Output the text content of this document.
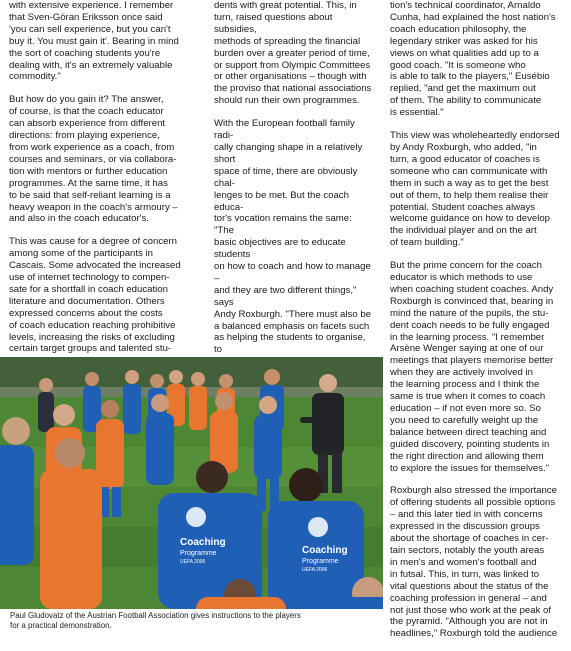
with extensive experience. I remember
that Sven-Göran Eriksson once said
'you can sell experience, but you can't
buy it. You must gain it'. Bearing in mind
the sort of coaching students you're
dealing with, it's an extremely valuable
commodity."

But how do you gain it? The answer,
of course, is that the coach educator
can absorb experience from different
directions: from playing experience,
from work experience as a coach, from
courses and seminars, or via collabora-
tion with mentors or further education
programmes. At the same time, it has
to be said that self-reliant learning is a
heavy weapon in the coach's armoury –
and also in the coach educator's.

This was cause for a degree of concern
among some of the participants in
Cascais. Some advocated the increased
use of internet technology to compen-
sate for a shortfall in coach education
literature and documentation. Others
expressed concerns about the costs
of coach education reaching prohibitive
levels, increasing the risks of excluding
certain target groups and talented stu-

dents with great potential. This, in
turn, raised questions about subsidies,
methods of spreading the financial
burden over a greater period of time,
or support from Olympic Committees
or other organisations – though with
the proviso that national associations
should run their own programmes.

With the European football family radi-
cally changing shape in a relatively short
space of time, there are obviously chal-
lenges to be met. But the coach educa-
tor's vocation remains the same: "The
basic objectives are to educate students
on how to coach and how to manage –
and they are two different things," says
Andy Roxburgh. "There must also be
a balanced emphasis on facets such
as helping the students to organise, to

tion's technical coordinator, Arnaldo
Cunha, had explained the host nation's
coach education philosophy, the
legendary striker was asked for his
views on what qualities add up to a
good coach. "It is someone who
is able to talk to the players," Eusébio
replied, "and get the maximum out
of them. The ability to communicate
is essential."

This view was wholeheartedly endorsed
by Andy Roxburgh, who added, "in
turn, a good educator of coaches is
someone who can communicate with
them in such a way as to get the best
out of them, to help them realise their
potential. Student coaches always
welcome guidance on how to develop
the individual player and on the art
of team building."

But the prime concern for the coach
educator is which methods to use
when coaching student coaches. Andy
Roxburgh is convinced that, bearing in
mind the nature of the pupils, the stu-
dent coach needs to be fully engaged
in the learning process. "I remember
Arsène Wenger saying at one of our
meetings that players memorise better
when they are actively involved in
the learning process and I think the
same is true when it comes to coach
education – if not even more so. So
you need to carefully weight up the
balance between direct teaching and
guided discovery, pointing students in
the right direction and allowing them
to explore the issues for themselves."

Roxburgh also stressed the importance
of offering students all possible options
– and this later tied in with concerns
expressed in the discussion groups
about the shortage of coaches in cer-
tain sectors, notably the youth areas
in men's and women's football and
in futsal. This, in turn, was linked to
vital questions about the status of the
coaching profession in general – and
not just those who work at the peak of
the pyramid. "Although you are not in
headlines," Roxburgh told the audience

Coaching
Programme
UEFA 2006
Coaching
Programme
UEFA 2006
Paul Gludovatz of the Austrian Football Association gives instructions to the players
for a practical demonstration.
